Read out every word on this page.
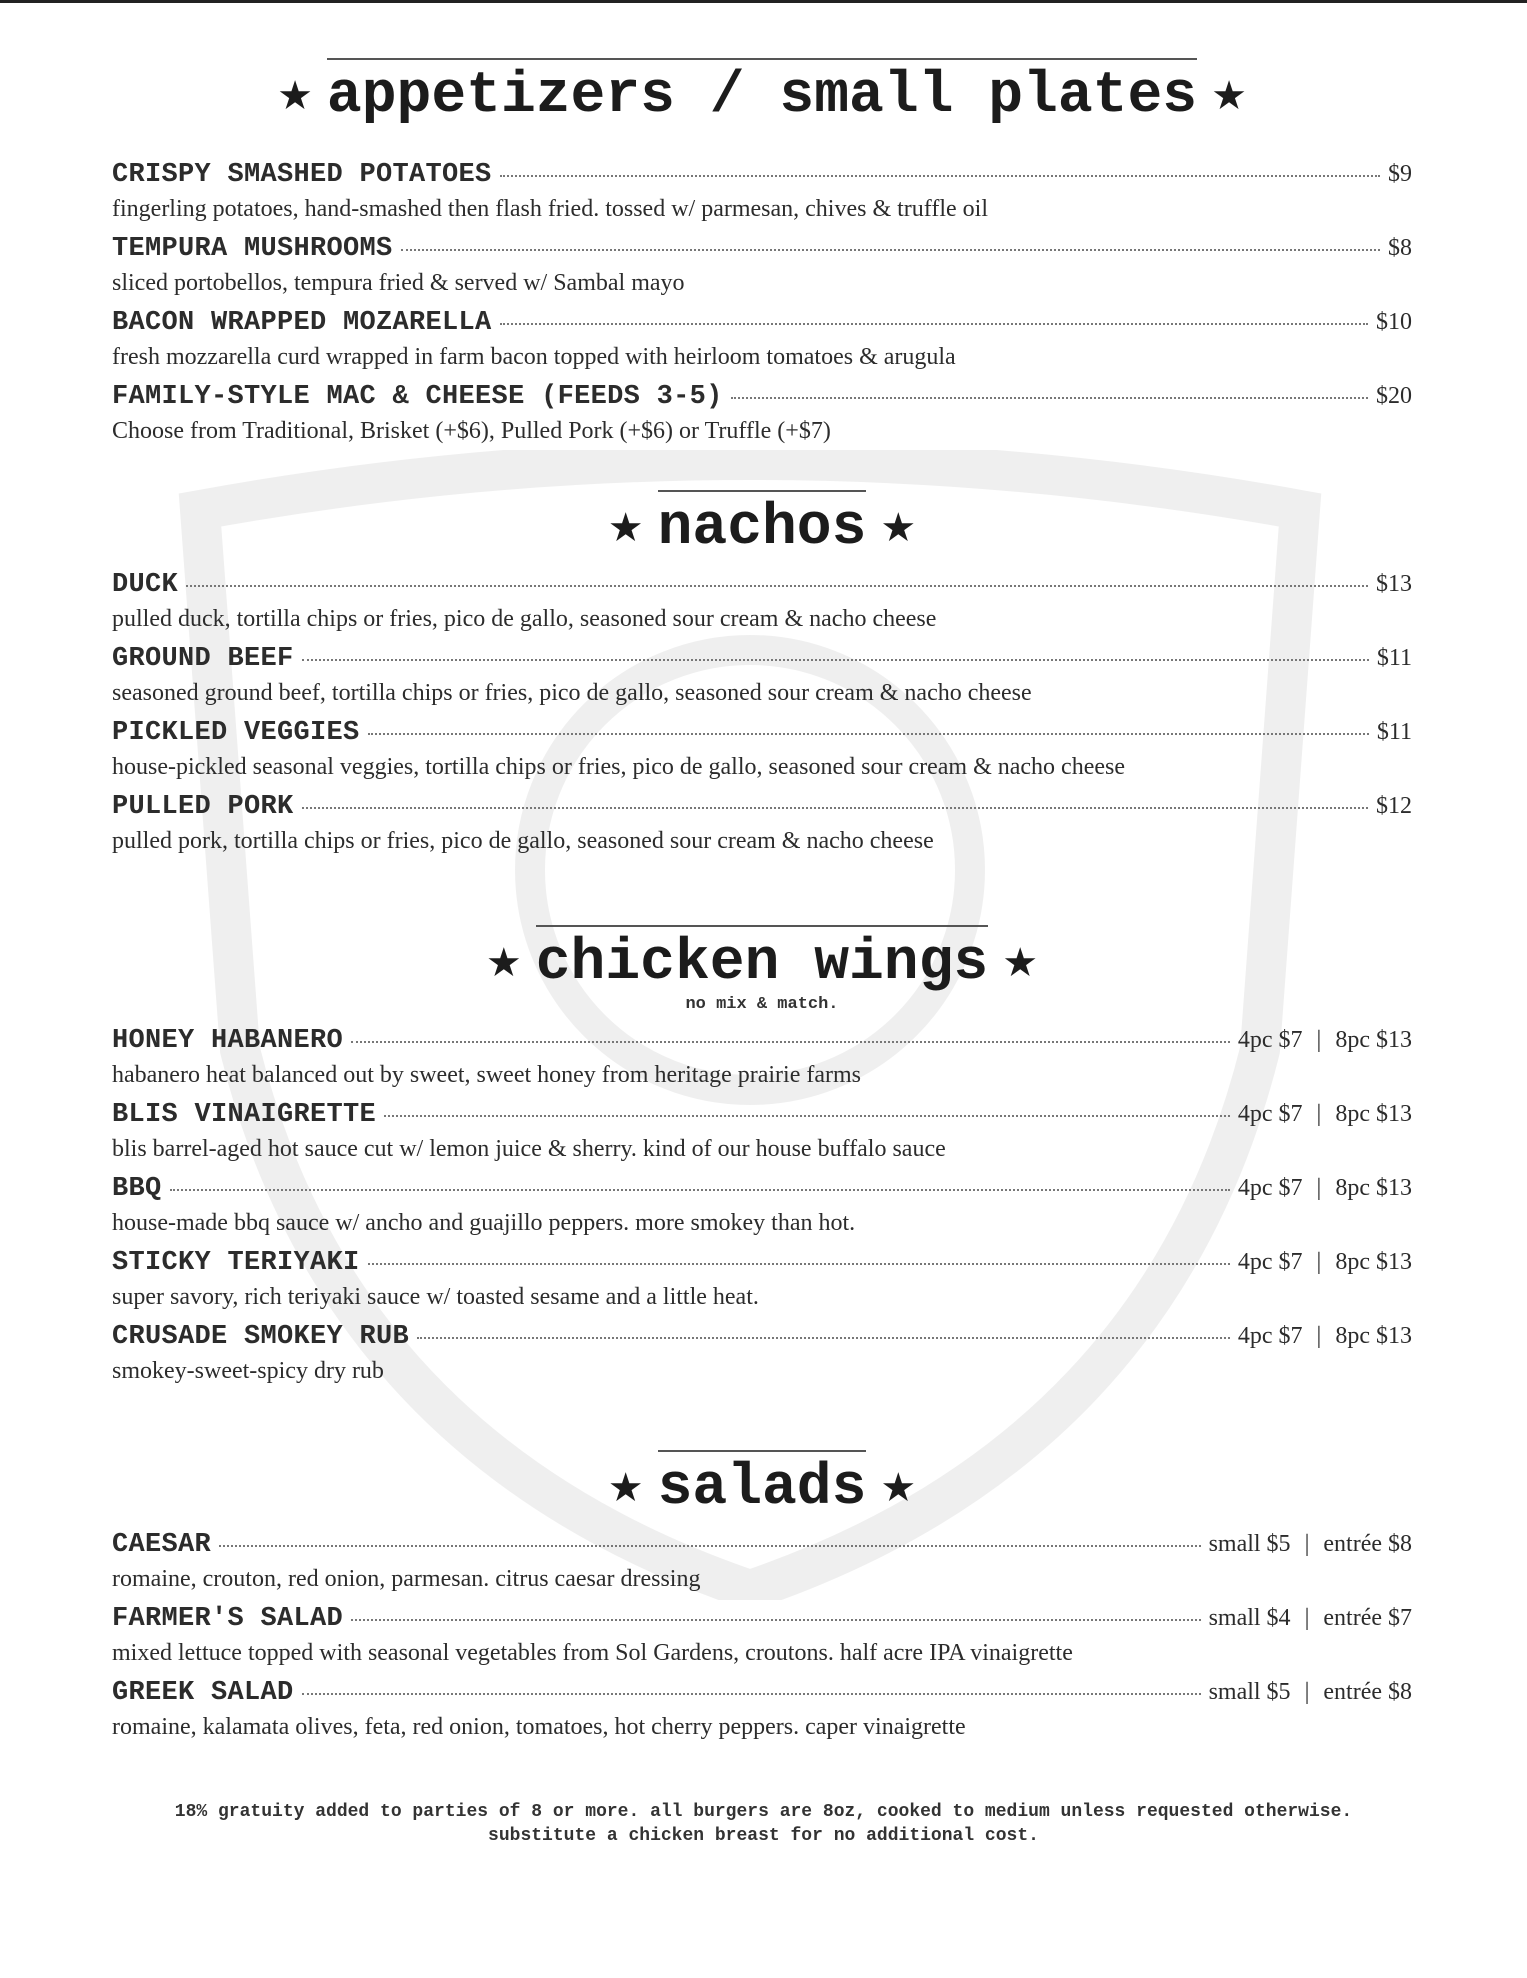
★ appetizers / small plates ★
CRISPY SMASHED POTATOES	$9
fingerling potatoes, hand-smashed then flash fried. tossed w/ parmesan, chives & truffle oil
TEMPURA MUSHROOMS	$8
sliced portobellos, tempura fried & served w/ Sambal mayo
BACON WRAPPED MOZARELLA	$10
fresh mozzarella curd wrapped in farm bacon topped with heirloom tomatoes & arugula
FAMILY-STYLE MAC & CHEESE (FEEDS 3-5)	$20
Choose from Traditional, Brisket (+$6), Pulled Pork (+$6) or Truffle (+$7)
★ nachos ★
DUCK	$13
pulled duck, tortilla chips or fries, pico de gallo, seasoned sour cream & nacho cheese
GROUND BEEF	$11
seasoned ground beef, tortilla chips or fries, pico de gallo, seasoned sour cream & nacho cheese
PICKLED VEGGIES	$11
house-pickled seasonal veggies, tortilla chips or fries, pico de gallo, seasoned sour cream & nacho cheese
PULLED PORK	$12
pulled pork, tortilla chips or fries, pico de gallo, seasoned sour cream & nacho cheese
★ chicken wings ★
no mix & match.
HONEY HABANERO	4pc $7 | 8pc $13
habanero heat balanced out by sweet, sweet honey from heritage prairie farms
BLIS VINAIGRETTE	4pc $7 | 8pc $13
blis barrel-aged hot sauce cut w/ lemon juice & sherry. kind of our house buffalo sauce
BBQ	4pc $7 | 8pc $13
house-made bbq sauce w/ ancho and guajillo peppers. more smokey than hot.
STICKY TERIYAKI	4pc $7 | 8pc $13
super savory, rich teriyaki sauce w/ toasted sesame and a little heat.
CRUSADE SMOKEY RUB	4pc $7 | 8pc $13
smokey-sweet-spicy dry rub
★ salads ★
CAESAR	small $5 | entrée $8
romaine, crouton, red onion, parmesan. citrus caesar dressing
FARMER'S SALAD	small $4 | entrée $7
mixed lettuce topped with seasonal vegetables from Sol Gardens, croutons. half acre IPA vinaigrette
GREEK SALAD	small $5 | entrée $8
romaine, kalamata olives, feta, red onion, tomatoes, hot cherry peppers. caper vinaigrette
18% gratuity added to parties of 8 or more. all burgers are 8oz, cooked to medium unless requested otherwise. substitute a chicken breast for no additional cost.
